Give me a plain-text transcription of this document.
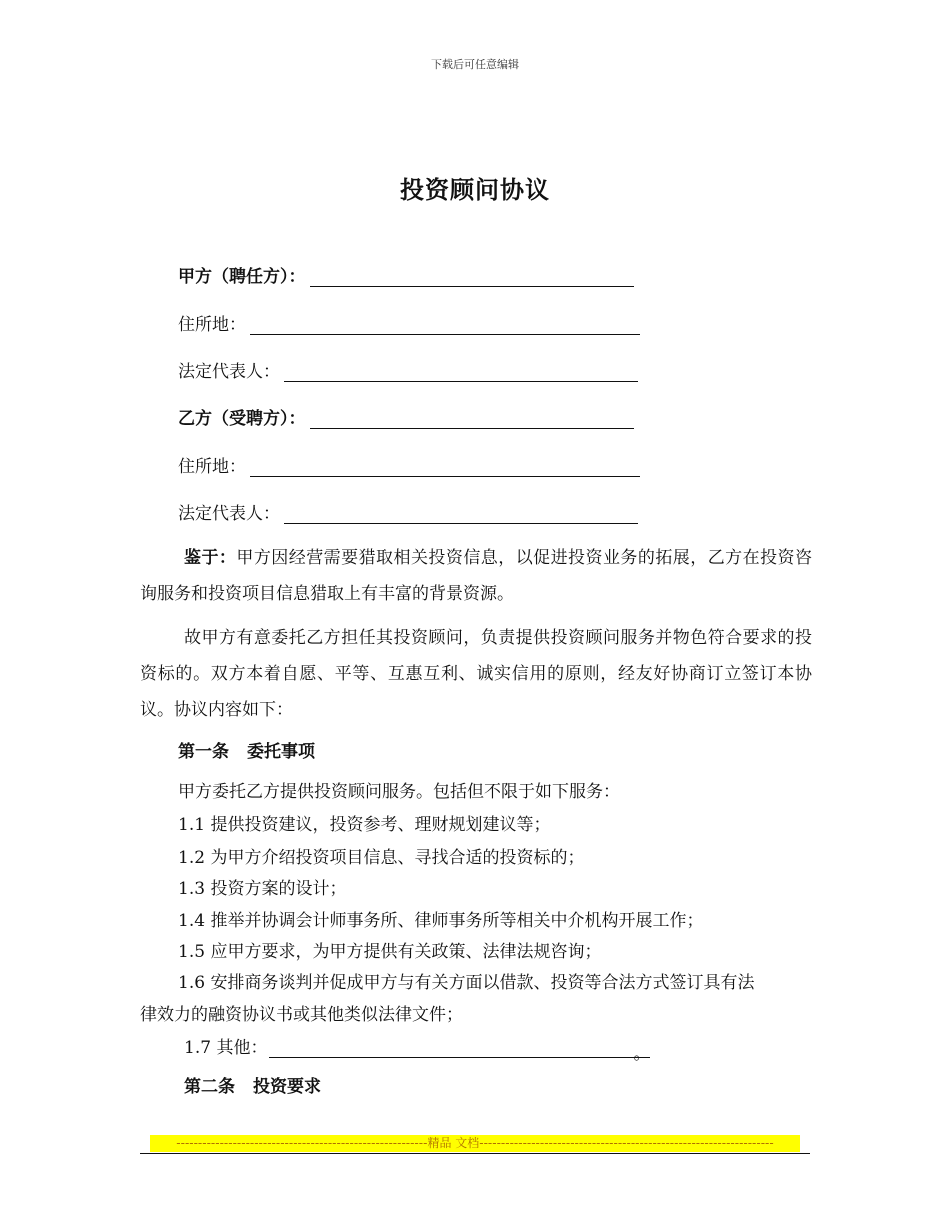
下载后可任意编辑
投资顾问协议
甲方（聘任方）：
住所地：
法定代表人：
乙方（受聘方）：
住所地：
法定代表人：
鉴于：甲方因经营需要猎取相关投资信息，以促进投资业务的拓展，乙方在投资咨询服务和投资项目信息猎取上有丰富的背景资源。
故甲方有意委托乙方担任其投资顾问，负责提供投资顾问服务并物色符合要求的投资标的。双方本着自愿、平等、互惠互利、诚实信用的原则，经友好协商订立签订本协议。协议内容如下：
第一条 委托事项
甲方委托乙方提供投资顾问服务。包括但不限于如下服务：
1.1 提供投资建议，投资参考、理财规划建议等；
1.2 为甲方介绍投资项目信息、寻找合适的投资标的；
1.3 投资方案的设计；
1.4 推举并协调会计师事务所、律师事务所等相关中介机构开展工作；
1.5 应甲方要求，为甲方提供有关政策、法律法规咨询；
1.6 安排商务谈判并促成甲方与有关方面以借款、投资等合法方式签订具有法
律效力的融资协议书或其他类似法律文件；
1.7 其他：	。
第二条 投资要求
----------------------------------------------------------精品 文档--------------------------------------------------------------------
